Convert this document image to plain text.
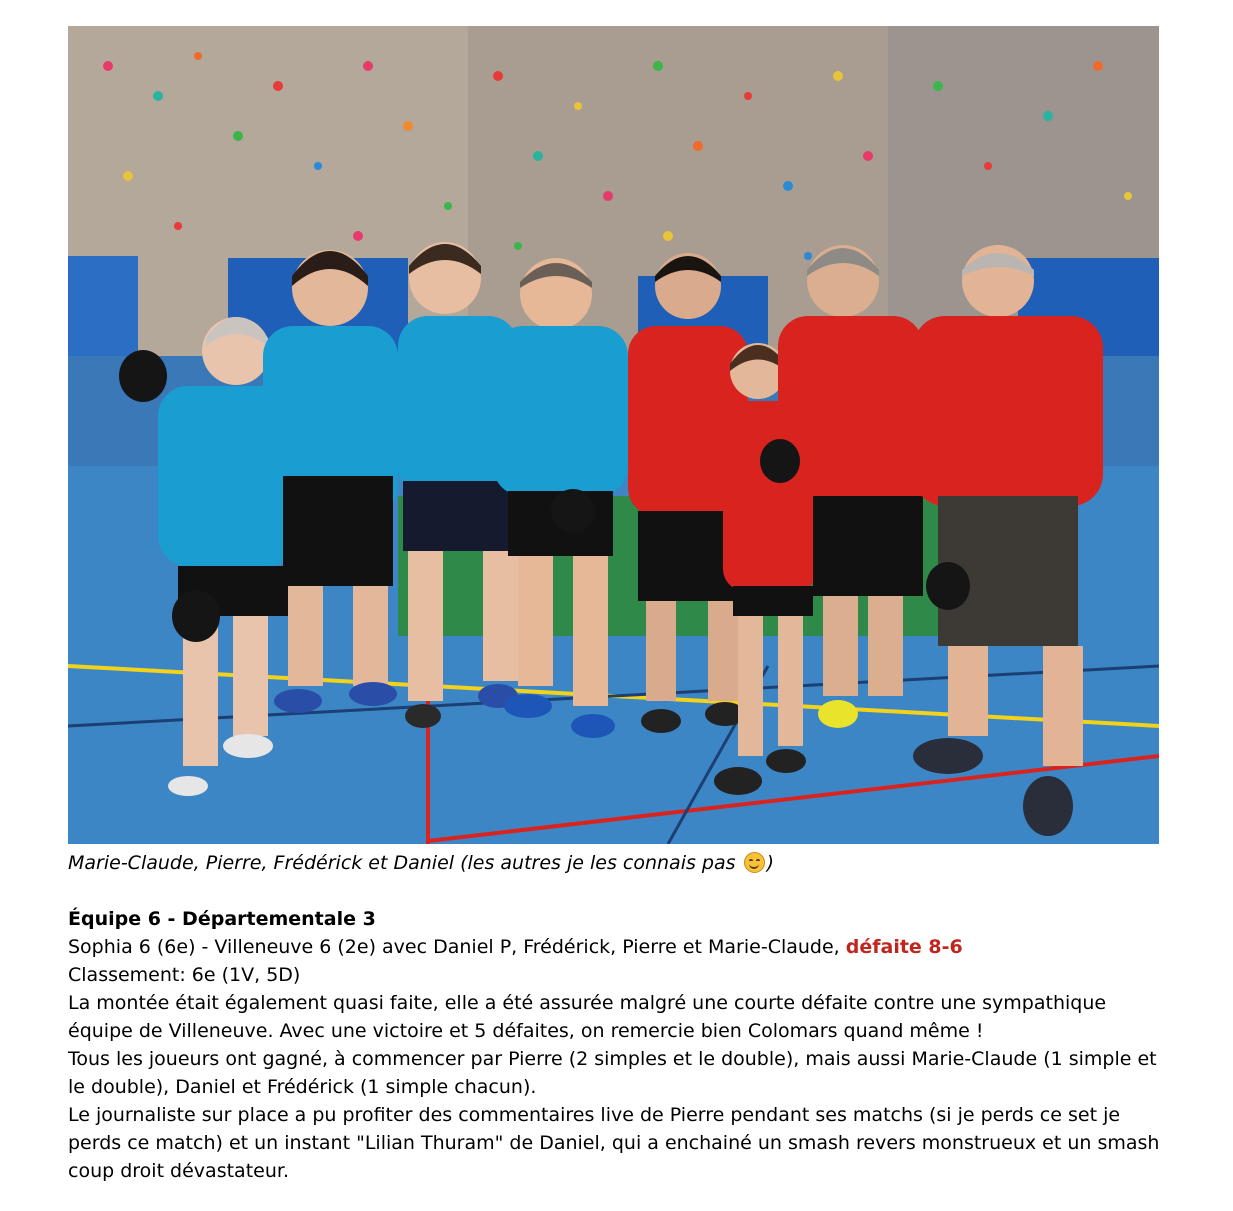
Marie-Claude, Pierre, Frédérick et Daniel (les autres je les connais pas
)

Équipe 6 - Départementale 3

Sophia 6 (6e) - Villeneuve 6 (2e) avec Daniel P, Frédérick, Pierre et Marie-Claude, défaite 8-6

Classement: 6e (1V, 5D)

La montée était également quasi faite, elle a été assurée malgré une courte défaite contre une sympathique équipe de Villeneuve. Avec une victoire et 5 défaites, on remercie bien Colomars quand même !

Tous les joueurs ont gagné, à commencer par Pierre (2 simples et le double), mais aussi Marie-Claude (1 simple et le double), Daniel et Frédérick (1 simple chacun).

Le journaliste sur place a pu profiter des commentaires live de Pierre pendant ses matchs (si je perds ce set je perds ce match) et un instant "Lilian Thuram" de Daniel, qui a enchainé un smash revers monstrueux et un smash coup droit dévastateur.
